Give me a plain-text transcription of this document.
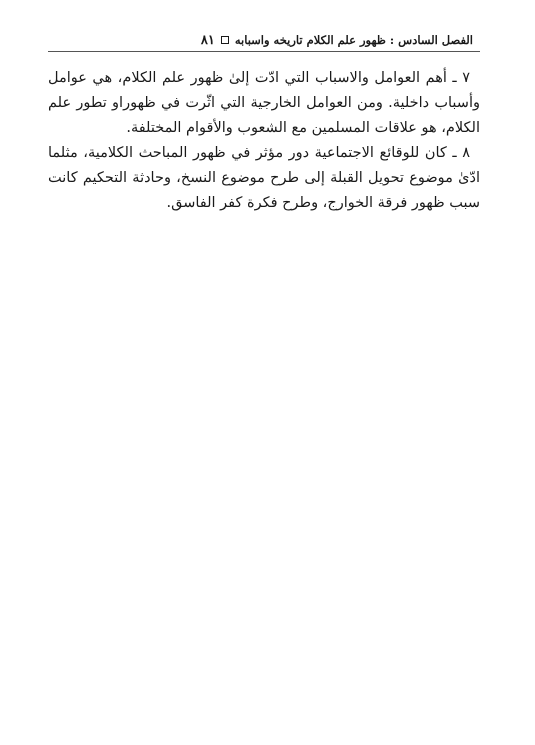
الفصل السادس : ظهور علم الكلام تاريخه واسبابه
٨١

٧ ـ أهم العوامل والاسباب التي ادّت إلىٰ ظهور علم الكلام، هي عوامل وأسباب داخلية. ومن العوامل الخارجية التي اثّرت في ظهوراو تطور علم الكلام، هو علاقات المسلمين مع الشعوب والأقوام المختلفة.

٨ ـ كان للوقائع الاجتماعية دور مؤثر في ظهور المباحث الكلامية، مثلما ادّىٰ موضوع تحويل القبلة إلى طرح موضوع النسخ، وحادثة التحكيم كانت سبب ظهور فرقة الخوارج، وطرح فكرة كفر الفاسق.
